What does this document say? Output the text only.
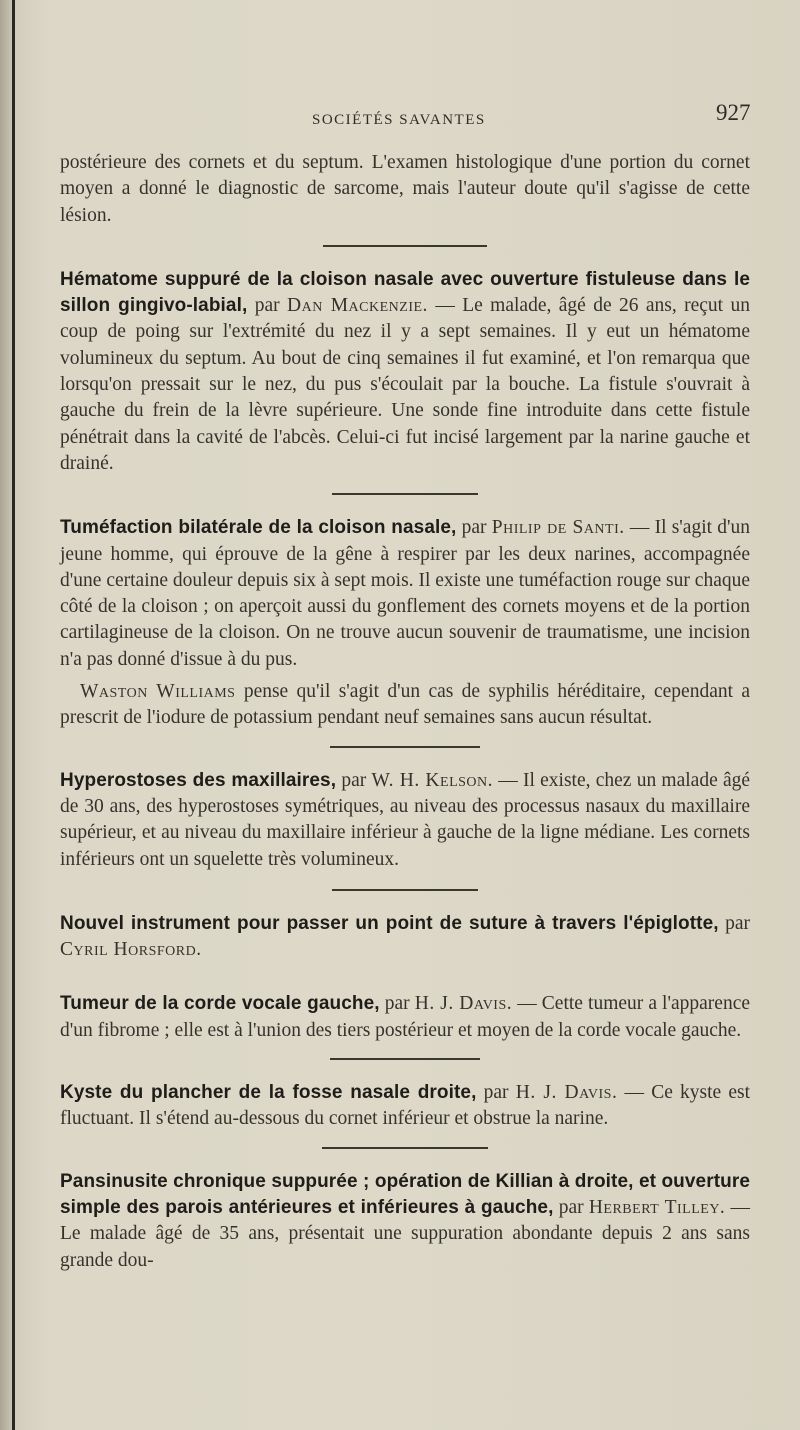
SOCIÉTÉS SAVANTES	927

postérieure des cornets et du septum. L'examen histologique d'une portion du cornet moyen a donné le diagnostic de sarcome, mais l'auteur doute qu'il s'agisse de cette lésion.

Hématome suppuré de la cloison nasale avec ouverture fistuleuse dans le sillon gingivo-labial, par Dan Mackenzie. — Le malade, âgé de 26 ans, reçut un coup de poing sur l'extrémité du nez il y a sept semaines. Il y eut un hématome volumineux du septum. Au bout de cinq semaines il fut examiné, et l'on remarqua que lorsqu'on pressait sur le nez, du pus s'écoulait par la bouche. La fistule s'ouvrait à gauche du frein de la lèvre supérieure. Une sonde fine introduite dans cette fistule pénétrait dans la cavité de l'abcès. Celui-ci fut incisé largement par la narine gauche et drainé.

Tuméfaction bilatérale de la cloison nasale, par Philip de Santi. — Il s'agit d'un jeune homme, qui éprouve de la gêne à respirer par les deux narines, accompagnée d'une certaine douleur depuis six à sept mois. Il existe une tuméfaction rouge sur chaque côté de la cloison ; on aperçoit aussi du gonflement des cornets moyens et de la portion cartilagineuse de la cloison. On ne trouve aucun souvenir de traumatisme, une incision n'a pas donné d'issue à du pus.

Waston Williams pense qu'il s'agit d'un cas de syphilis héréditaire, cependant a prescrit de l'iodure de potassium pendant neuf semaines sans aucun résultat.

Hyperostoses des maxillaires, par W. H. Kelson. — Il existe, chez un malade âgé de 30 ans, des hyperostoses symétriques, au niveau des processus nasaux du maxillaire supérieur, et au niveau du maxillaire inférieur à gauche de la ligne médiane. Les cornets inférieurs ont un squelette très volumineux.

Nouvel instrument pour passer un point de suture à travers l'épiglotte, par Cyril Horsford.

Tumeur de la corde vocale gauche, par H. J. Davis. — Cette tumeur a l'apparence d'un fibrome ; elle est à l'union des tiers postérieur et moyen de la corde vocale gauche.

Kyste du plancher de la fosse nasale droite, par H. J. Davis. — Ce kyste est fluctuant. Il s'étend au-dessous du cornet inférieur et obstrue la narine.

Pansinusite chronique suppurée ; opération de Killian à droite, et ouverture simple des parois antérieures et inférieures à gauche, par Herbert Tilley. — Le malade âgé de 35 ans, présentait une suppuration abondante depuis 2 ans sans grande dou-
